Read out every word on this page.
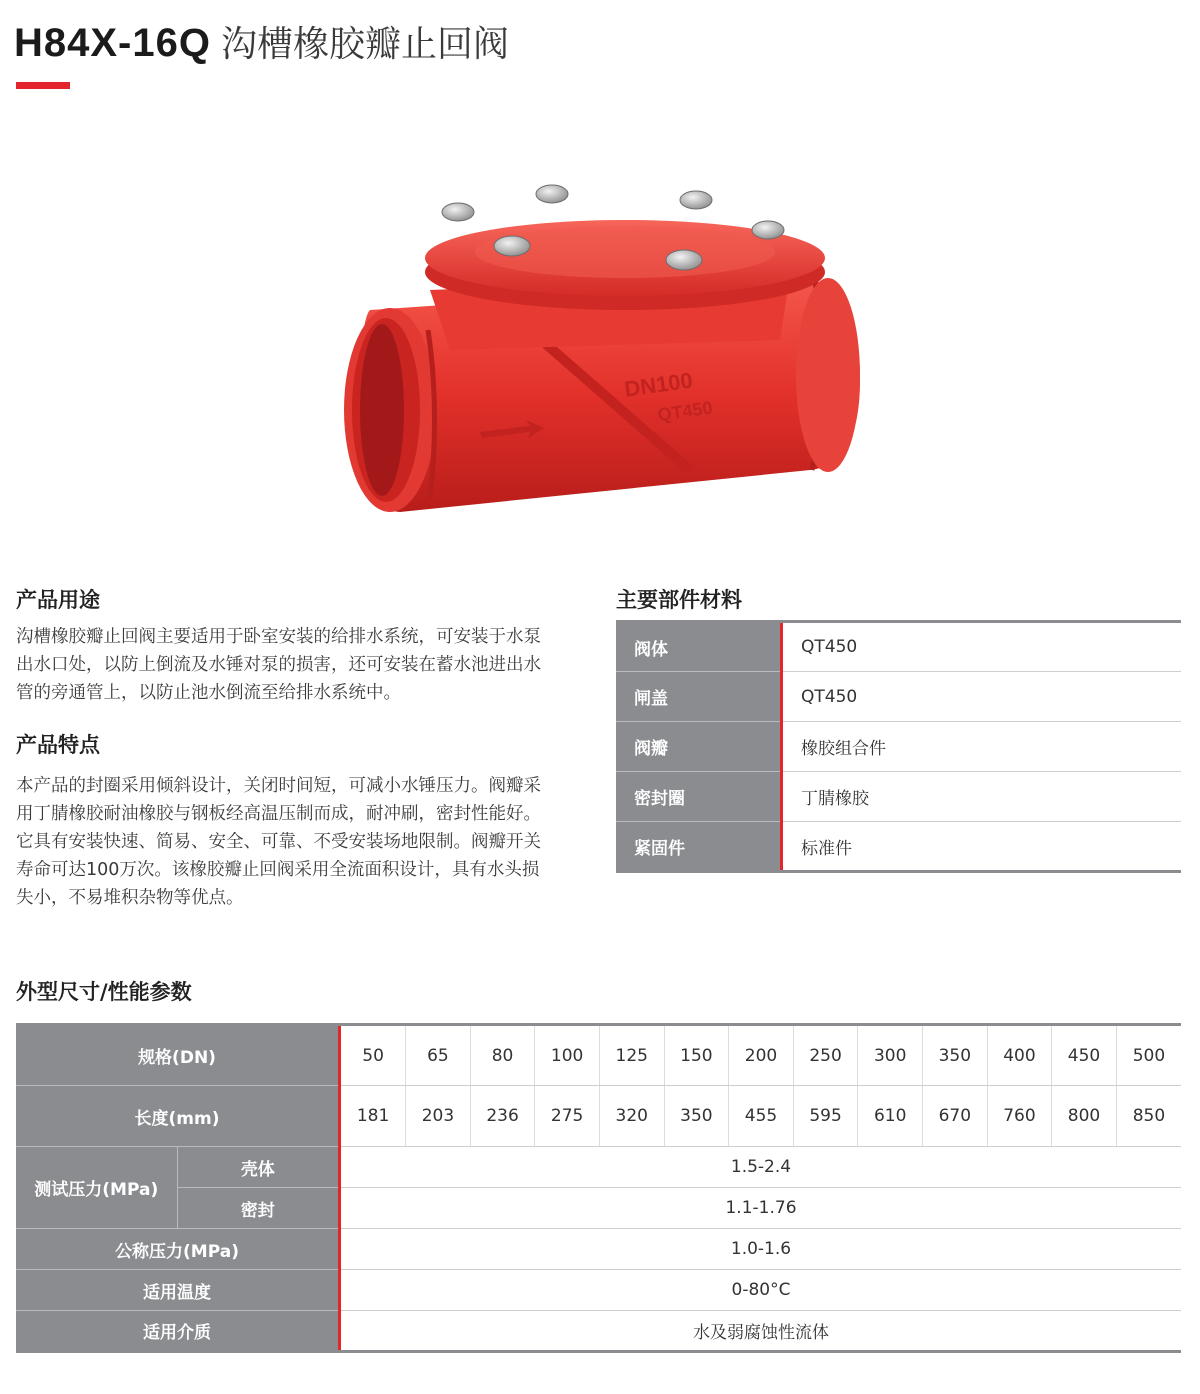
H84X-16Q 沟槽橡胶瓣止回阀
DN100
QT450
产品用途
沟槽橡胶瓣止回阀主要适用于卧室安装的给排水系统，可安装于水泵
出水口处，以防上倒流及水锤对泵的损害，还可安装在蓄水池进出水
管的旁通管上，以防止池水倒流至给排水系统中。
产品特点
本产品的封圈采用倾斜设计，关闭时间短，可减小水锤压力。阀瓣采
用丁腈橡胶耐油橡胶与钢板经高温压制而成，耐冲刷，密封性能好。
它具有安装快速、简易、安全、可靠、不受安装场地限制。阀瓣开关
寿命可达100万次。该橡胶瓣止回阀采用全流面积设计，具有水头损
失小，不易堆积杂物等优点。
主要部件材料
阀体		QT450
闸盖		QT450
阀瓣		橡胶组合件
密封圈		丁腈橡胶
紧固件		标准件
外型尺寸/性能参数
规格(DN)			50	65	80	100	125	150	200	250	300	350	400	450	500
长度(mm)			181	203	236	275	320	350	455	595	610	670	760	800	850
测试压力(MPa)	壳体		1.5-2.4												
	密封		1.1-1.76												
公称压力(MPa)			1.0-1.6												
适用温度			0-80°C												
适用介质			水及弱腐蚀性流体												
